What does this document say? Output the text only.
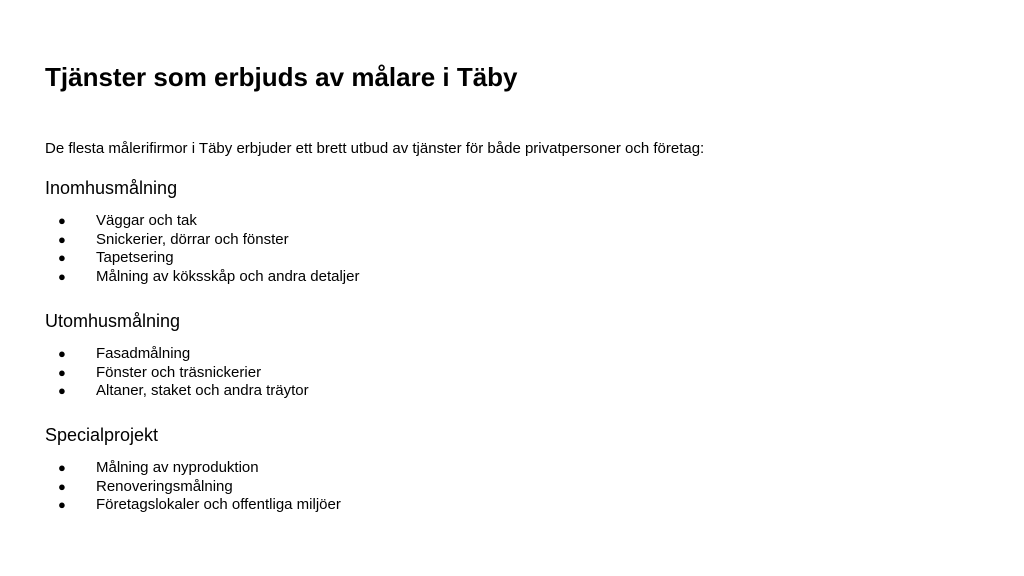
Tjänster som erbjuds av målare i Täby

De flesta målerifirmor i Täby erbjuder ett brett utbud av tjänster för både privatpersoner och företag:

Inomhusmålning
● Väggar och tak
● Snickerier, dörrar och fönster
● Tapetsering
● Målning av köksskåp och andra detaljer
Utomhusmålning
● Fasadmålning
● Fönster och träsnickerier
● Altaner, staket och andra träytor
Specialprojekt
● Målning av nyproduktion
● Renoveringsmålning
● Företagslokaler och offentliga miljöer
